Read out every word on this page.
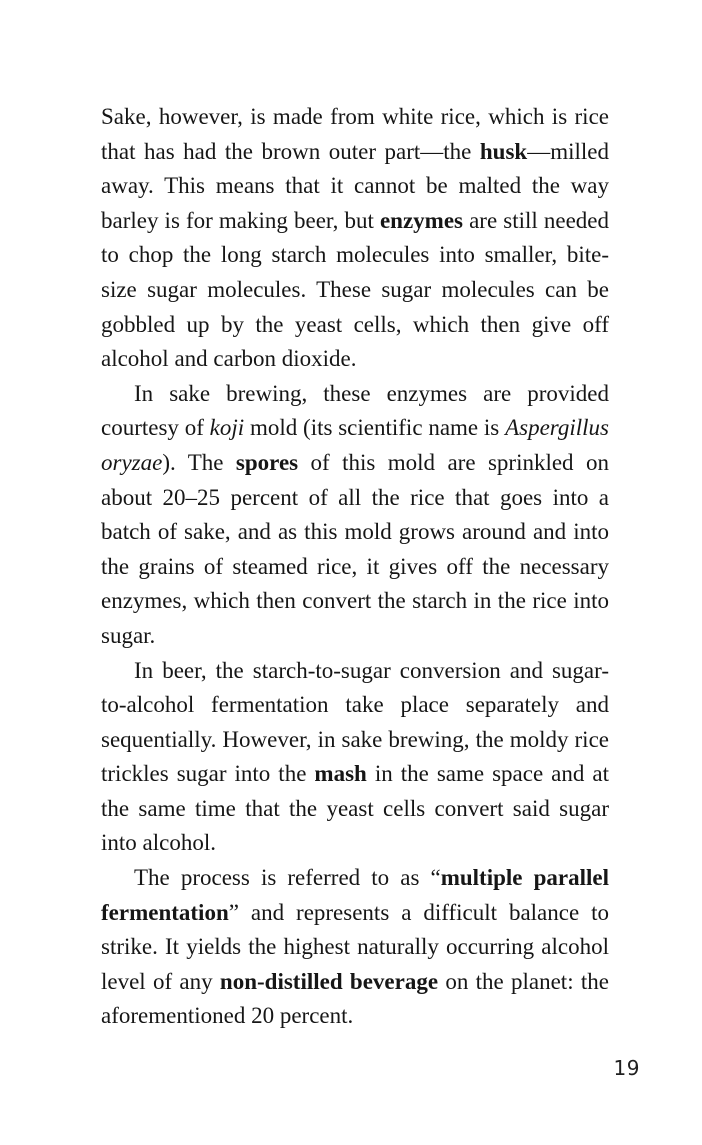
Sake, however, is made from white rice, which is rice that has had the brown outer part—the husk—milled away. This means that it cannot be malted the way barley is for making beer, but enzymes are still needed to chop the long starch molecules into smaller, bite-size sugar molecules. These sugar molecules can be gobbled up by the yeast cells, which then give off alcohol and carbon dioxide.

In sake brewing, these enzymes are provided courtesy of koji mold (its scientific name is Aspergillus oryzae). The spores of this mold are sprinkled on about 20–25 percent of all the rice that goes into a batch of sake, and as this mold grows around and into the grains of steamed rice, it gives off the necessary enzymes, which then convert the starch in the rice into sugar.

In beer, the starch-to-sugar conversion and sugar-to-alcohol fermentation take place separately and sequentially. However, in sake brewing, the moldy rice trickles sugar into the mash in the same space and at the same time that the yeast cells convert said sugar into alcohol.

The process is referred to as “multiple parallel fermentation” and represents a difficult balance to strike. It yields the highest naturally occurring alcohol level of any non-distilled beverage on the planet: the aforementioned 20 percent.

19
